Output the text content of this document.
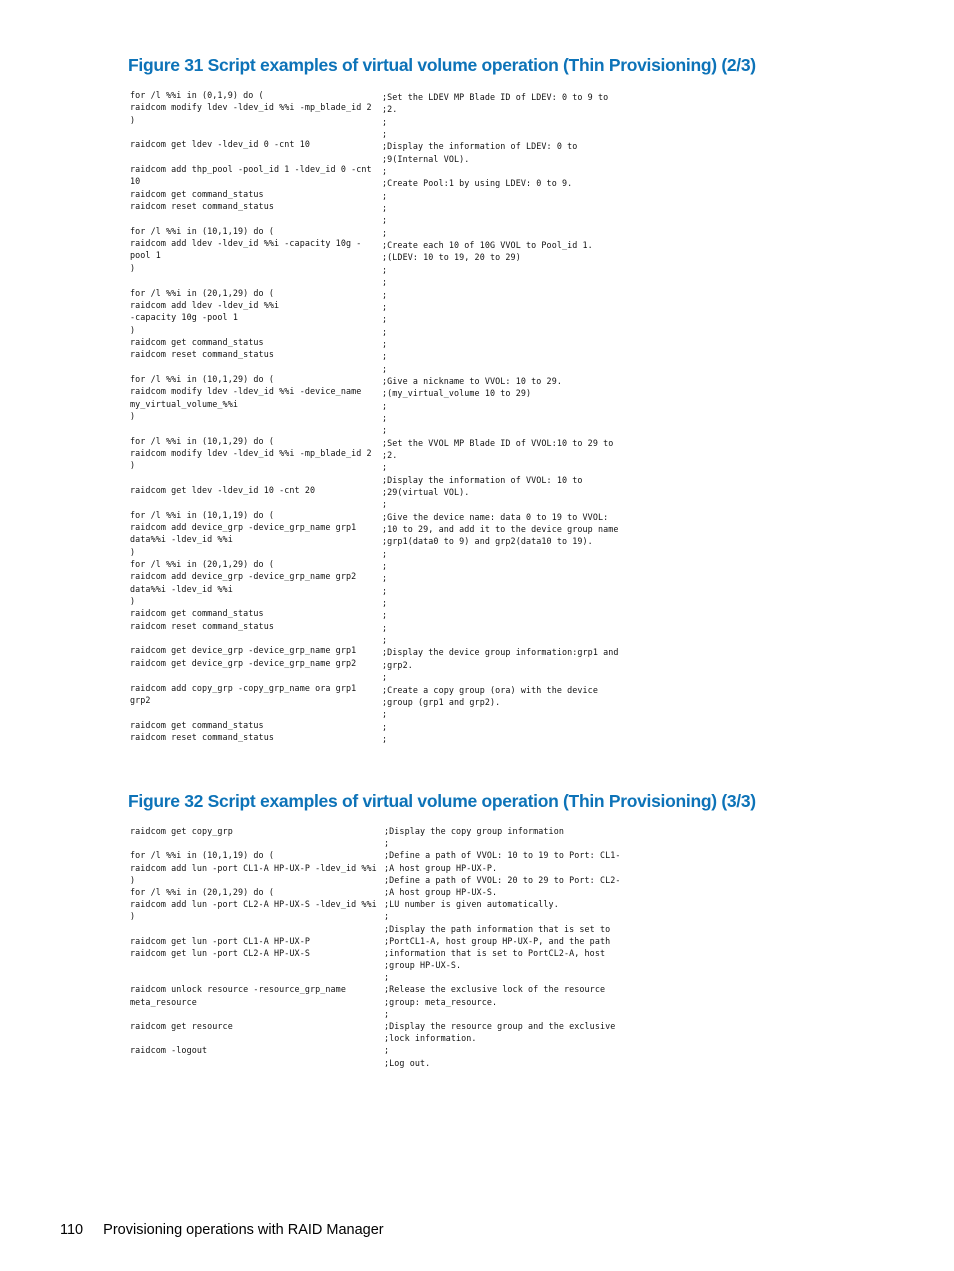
Figure 31 Script examples of virtual volume operation (Thin Provisioning) (2/3)
for /l %%i in (0,1,9) do (
raidcom modify ldev -ldev_id %%i -mp_blade_id 2
)

raidcom get ldev -ldev_id 0 -cnt 10

raidcom add thp_pool -pool_id 1 -ldev_id 0 -cnt
10
raidcom get command_status
raidcom reset command_status

for /l %%i in (10,1,19) do (
raidcom add ldev -ldev_id %%i -capacity 10g -
pool 1
)

for /l %%i in (20,1,29) do (
raidcom add ldev -ldev_id %%i
-capacity 10g -pool 1
)
raidcom get command_status
raidcom reset command_status

for /l %%i in (10,1,29) do (
raidcom modify ldev -ldev_id %%i -device_name
my_virtual_volume_%%i
)

for /l %%i in (10,1,29) do (
raidcom modify ldev -ldev_id %%i -mp_blade_id 2
)

raidcom get ldev -ldev_id 10 -cnt 20

for /l %%i in (10,1,19) do (
raidcom add device_grp -device_grp_name grp1
data%%i -ldev_id %%i
)
for /l %%i in (20,1,29) do (
raidcom add device_grp -device_grp_name grp2
data%%i -ldev_id %%i
)
raidcom get command_status
raidcom reset command_status

raidcom get device_grp -device_grp_name grp1
raidcom get device_grp -device_grp_name grp2

raidcom add copy_grp -copy_grp_name ora grp1
grp2

raidcom get command_status
raidcom reset command_status
;Set the LDEV MP Blade ID of LDEV: 0 to 9 to
;2.
;
;
;Display the information of LDEV: 0 to
;9(Internal VOL).
;
;Create Pool:1 by using LDEV: 0 to 9.
;
;
;
;
;Create each 10 of 10G VVOL to Pool_id 1.
;(LDEV: 10 to 19, 20 to 29)
;
;
;
;
;
;
;
;
;
;Give a nickname to VVOL: 10 to 29.
;(my_virtual_volume 10 to 29)
;
;
;
;Set the VVOL MP Blade ID of VVOL:10 to 29 to
;2.
;
;Display the information of VVOL: 10 to
;29(virtual VOL).
;
;Give the device name: data 0 to 19 to VVOL:
;10 to 29, and add it to the device group name
;grp1(data0 to 9) and grp2(data10 to 19).
;
;
;
;
;
;
;
;
;Display the device group information:grp1 and
;grp2.
;
;Create a copy group (ora) with the device
;group (grp1 and grp2).
;
;
;
Figure 32 Script examples of virtual volume operation (Thin Provisioning) (3/3)
raidcom get copy_grp

for /l %%i in (10,1,19) do (
raidcom add lun -port CL1-A HP-UX-P -ldev_id %%i
)
for /l %%i in (20,1,29) do (
raidcom add lun -port CL2-A HP-UX-S -ldev_id %%i
)

raidcom get lun -port CL1-A HP-UX-P
raidcom get lun -port CL2-A HP-UX-S

raidcom unlock resource -resource_grp_name
meta_resource

raidcom get resource

raidcom -logout
;Display the copy group information
;
;Define a path of VVOL: 10 to 19 to Port: CL1-
;A host group HP-UX-P.
;Define a path of VVOL: 20 to 29 to Port: CL2-
;A host group HP-UX-S.
;LU number is given automatically.
;
;Display the path information that is set to
;PortCL1-A, host group HP-UX-P, and the path
;information that is set to PortCL2-A, host
;group HP-UX-S.
;
;Release the exclusive lock of the resource
;group: meta_resource.
;
;Display the resource group and the exclusive
;lock information.
;
;Log out.
110 Provisioning operations with RAID Manager
